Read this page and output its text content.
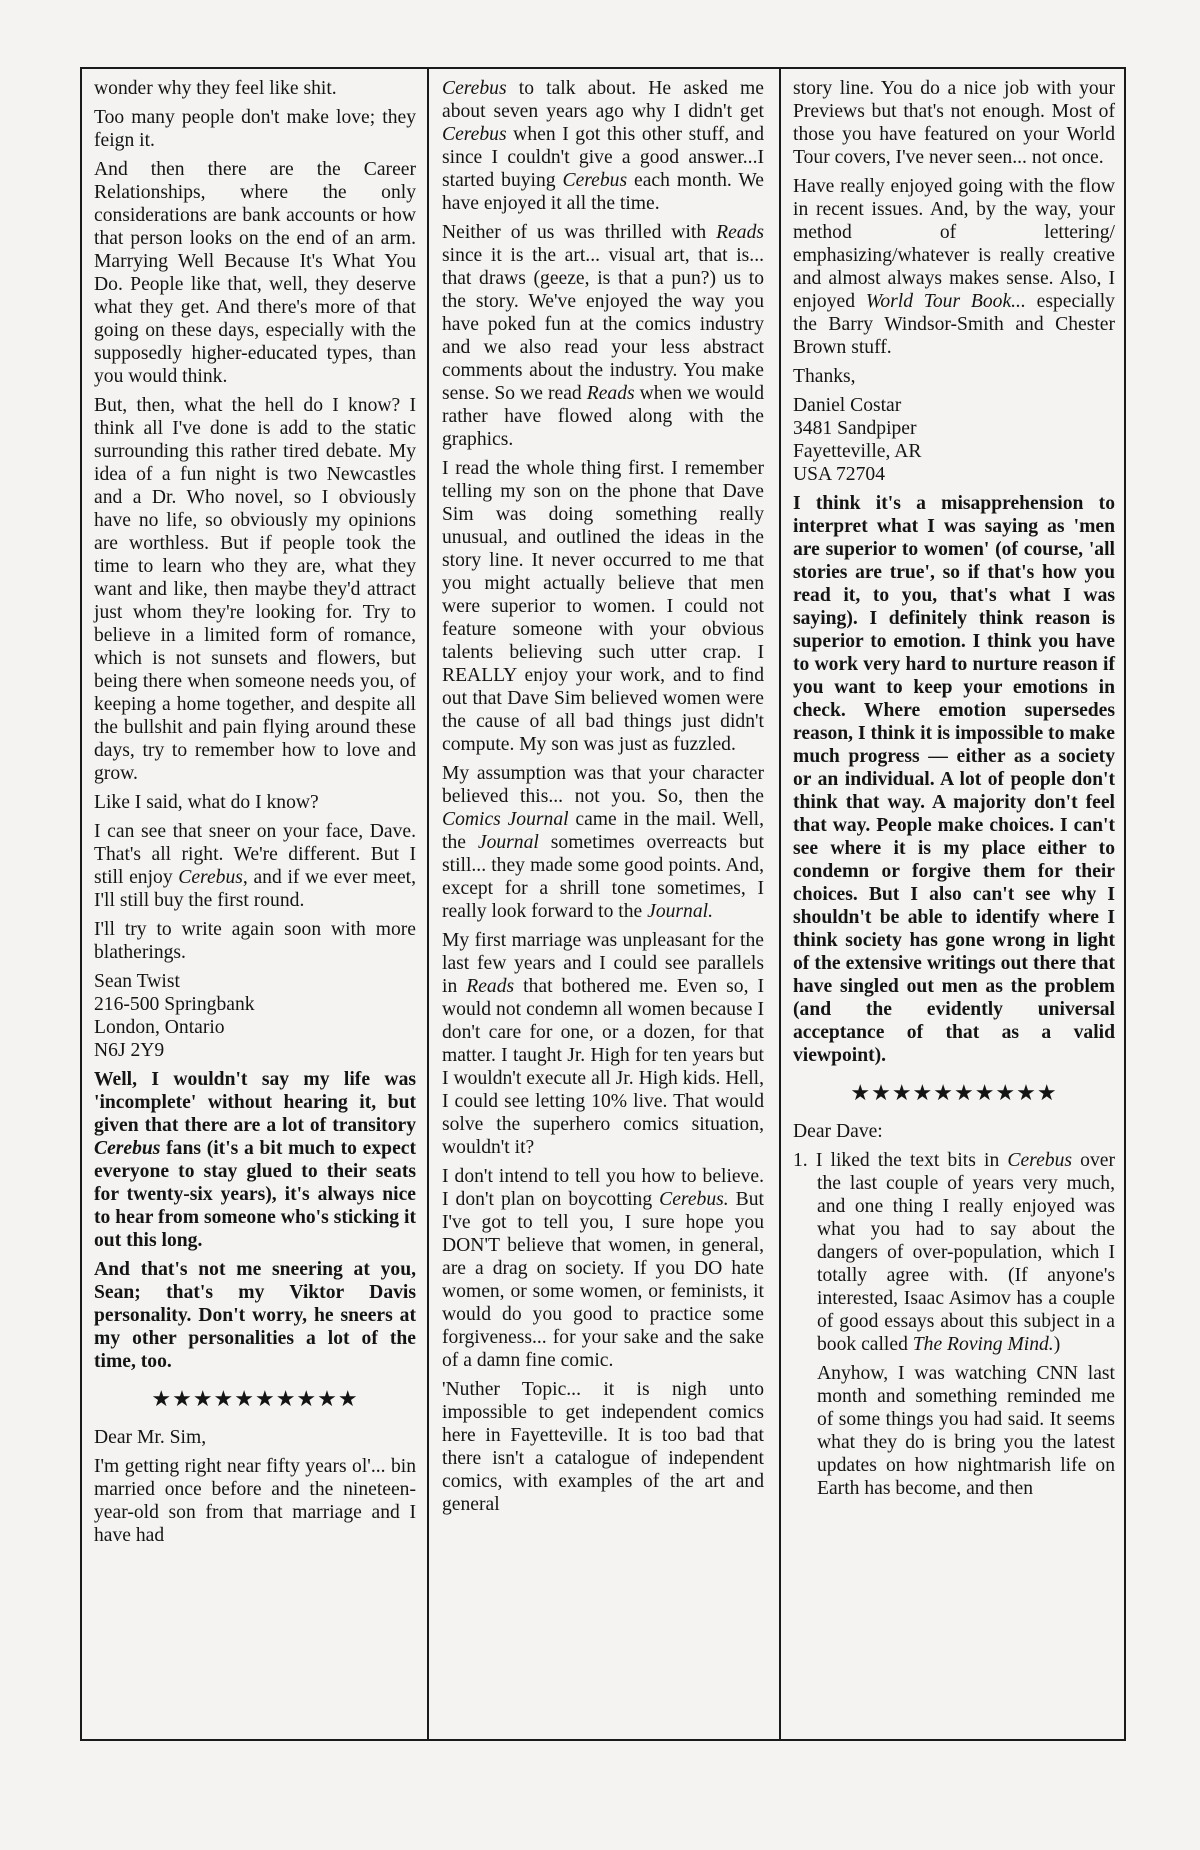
wonder why they feel like shit.

Too many people don't make love; they feign it.

And then there are the Career Relationships, where the only considerations are bank accounts or how that person looks on the end of an arm. Marrying Well Because It's What You Do. People like that, well, they deserve what they get. And there's more of that going on these days, especially with the supposedly higher-educated types, than you would think.

But, then, what the hell do I know? I think all I've done is add to the static surrounding this rather tired debate. My idea of a fun night is two Newcastles and a Dr. Who novel, so I obviously have no life, so obviously my opinions are worthless. But if people took the time to learn who they are, what they want and like, then maybe they'd attract just whom they're looking for. Try to believe in a limited form of romance, which is not sunsets and flowers, but being there when someone needs you, of keeping a home together, and despite all the bullshit and pain flying around these days, try to remember how to love and grow.

Like I said, what do I know?

I can see that sneer on your face, Dave. That's all right. We're different. But I still enjoy Cerebus, and if we ever meet, I'll still buy the first round.

I'll try to write again soon with more blatherings.

Sean Twist
216-500 Springbank
London, Ontario
N6J 2Y9

Well, I wouldn't say my life was 'incomplete' without hearing it, but given that there are a lot of transitory Cerebus fans (it's a bit much to expect everyone to stay glued to their seats for twenty-six years), it's always nice to hear from someone who's sticking it out this long.

And that's not me sneering at you, Sean; that's my Viktor Davis personality. Don't worry, he sneers at my other personalities a lot of the time, too.

★★★★★★★★★★

Dear Mr. Sim,

I'm getting right near fifty years ol'... bin married once before and the nineteen-year-old son from that marriage and I have had

Cerebus to talk about. He asked me about seven years ago why I didn't get Cerebus when I got this other stuff, and since I couldn't give a good answer...I started buying Cerebus each month. We have enjoyed it all the time.

Neither of us was thrilled with Reads since it is the art... visual art, that is... that draws (geeze, is that a pun?) us to the story. We've enjoyed the way you have poked fun at the comics industry and we also read your less abstract comments about the industry. You make sense. So we read Reads when we would rather have flowed along with the graphics.

I read the whole thing first. I remember telling my son on the phone that Dave Sim was doing something really unusual, and outlined the ideas in the story line. It never occurred to me that you might actually believe that men were superior to women. I could not feature someone with your obvious talents believing such utter crap. I REALLY enjoy your work, and to find out that Dave Sim believed women were the cause of all bad things just didn't compute. My son was just as fuzzled.

My assumption was that your character believed this... not you. So, then the Comics Journal came in the mail. Well, the Journal sometimes overreacts but still... they made some good points. And, except for a shrill tone sometimes, I really look forward to the Journal.

My first marriage was unpleasant for the last few years and I could see parallels in Reads that bothered me. Even so, I would not condemn all women because I don't care for one, or a dozen, for that matter. I taught Jr. High for ten years but I wouldn't execute all Jr. High kids. Hell, I could see letting 10% live. That would solve the superhero comics situation, wouldn't it?

I don't intend to tell you how to believe. I don't plan on boycotting Cerebus. But I've got to tell you, I sure hope you DON'T believe that women, in general, are a drag on society. If you DO hate women, or some women, or feminists, it would do you good to practice some forgiveness... for your sake and the sake of a damn fine comic.

'Nuther Topic... it is nigh unto impossible to get independent comics here in Fayetteville. It is too bad that there isn't a catalogue of independent comics, with examples of the art and general

story line. You do a nice job with your Previews but that's not enough. Most of those you have featured on your World Tour covers, I've never seen... not once.

Have really enjoyed going with the flow in recent issues. And, by the way, your method of lettering/ emphasizing/whatever is really creative and almost always makes sense. Also, I enjoyed World Tour Book... especially the Barry Windsor-Smith and Chester Brown stuff.

Thanks,

Daniel Costar
3481 Sandpiper
Fayetteville, AR
USA 72704

I think it's a misapprehension to interpret what I was saying as 'men are superior to women' (of course, 'all stories are true', so if that's how you read it, to you, that's what I was saying). I definitely think reason is superior to emotion. I think you have to work very hard to nurture reason if you want to keep your emotions in check. Where emotion supersedes reason, I think it is impossible to make much progress — either as a society or an individual. A lot of people don't think that way. A majority don't feel that way. People make choices. I can't see where it is my place either to condemn or forgive them for their choices. But I also can't see why I shouldn't be able to identify where I think society has gone wrong in light of the extensive writings out there that have singled out men as the problem (and the evidently universal acceptance of that as a valid viewpoint).

★★★★★★★★★★

Dear Dave:

1. I liked the text bits in Cerebus over the last couple of years very much, and one thing I really enjoyed was what you had to say about the dangers of over-population, which I totally agree with. (If anyone's interested, Isaac Asimov has a couple of good essays about this subject in a book called The Roving Mind.)

Anyhow, I was watching CNN last month and something reminded me of some things you had said. It seems what they do is bring you the latest updates on how nightmarish life on Earth has become, and then
